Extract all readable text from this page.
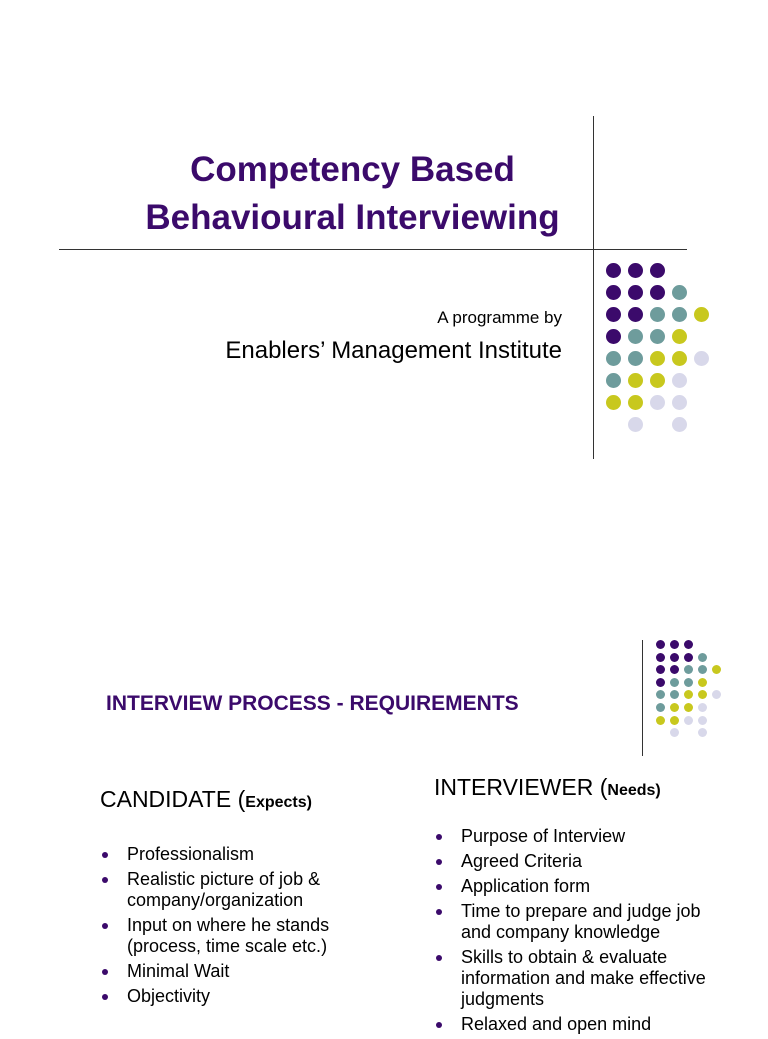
Competency Based
Behavioural Interviewing

A programme by

Enablers’ Management Institute

INTERVIEW PROCESS - REQUIREMENTS

CANDIDATE (Expects)

Professionalism
Realistic picture of job & company/organization
Input on where he stands (process, time scale etc.)
Minimal Wait
Objectivity

INTERVIEWER (Needs)

Purpose of Interview
Agreed Criteria
Application form
Time to prepare and judge job and company knowledge
Skills to obtain & evaluate information and make effective judgments
Relaxed and open mind
